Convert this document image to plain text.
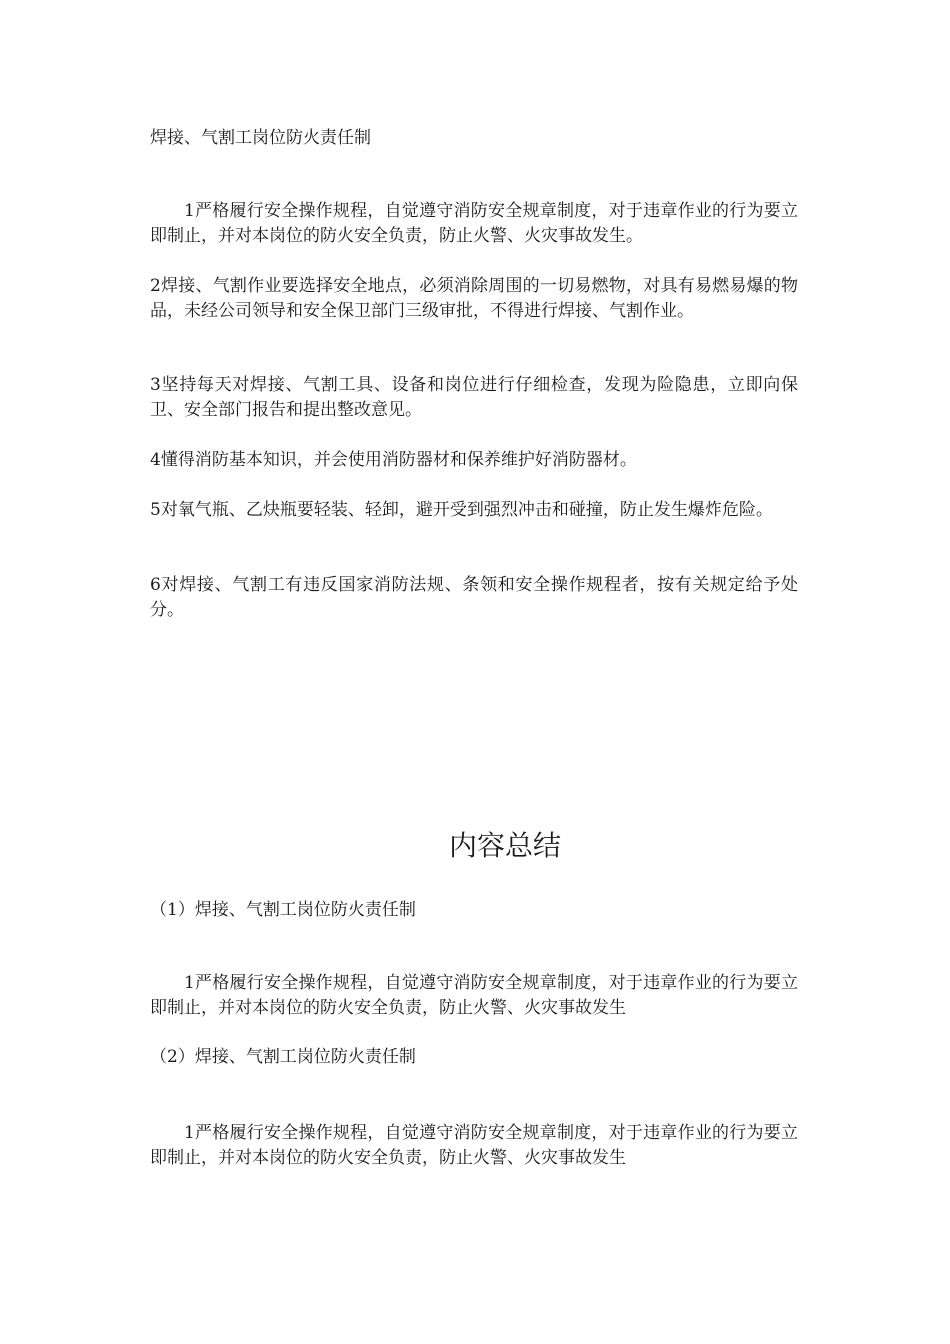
焊接、气割工岗位防火责任制
1严格履行安全操作规程，自觉遵守消防安全规章制度，对于违章作业的行为要立即制止，并对本岗位的防火安全负责，防止火警、火灾事故发生。
2焊接、气割作业要选择安全地点，必须消除周围的一切易燃物，对具有易燃易爆的物品，未经公司领导和安全保卫部门三级审批，不得进行焊接、气割作业。
3坚持每天对焊接、气割工具、设备和岗位进行仔细检查，发现为险隐患，立即向保卫、安全部门报告和提出整改意见。
4懂得消防基本知识，并会使用消防器材和保养维护好消防器材。
5对氧气瓶、乙炔瓶要轻装、轻卸，避开受到强烈冲击和碰撞，防止发生爆炸危险。
6对焊接、气割工有违反国家消防法规、条领和安全操作规程者，按有关规定给予处分。
内容总结
（1）焊接、气割工岗位防火责任制
1严格履行安全操作规程，自觉遵守消防安全规章制度，对于违章作业的行为要立即制止，并对本岗位的防火安全负责，防止火警、火灾事故发生
（2）焊接、气割工岗位防火责任制
1严格履行安全操作规程，自觉遵守消防安全规章制度，对于违章作业的行为要立即制止，并对本岗位的防火安全负责，防止火警、火灾事故发生
